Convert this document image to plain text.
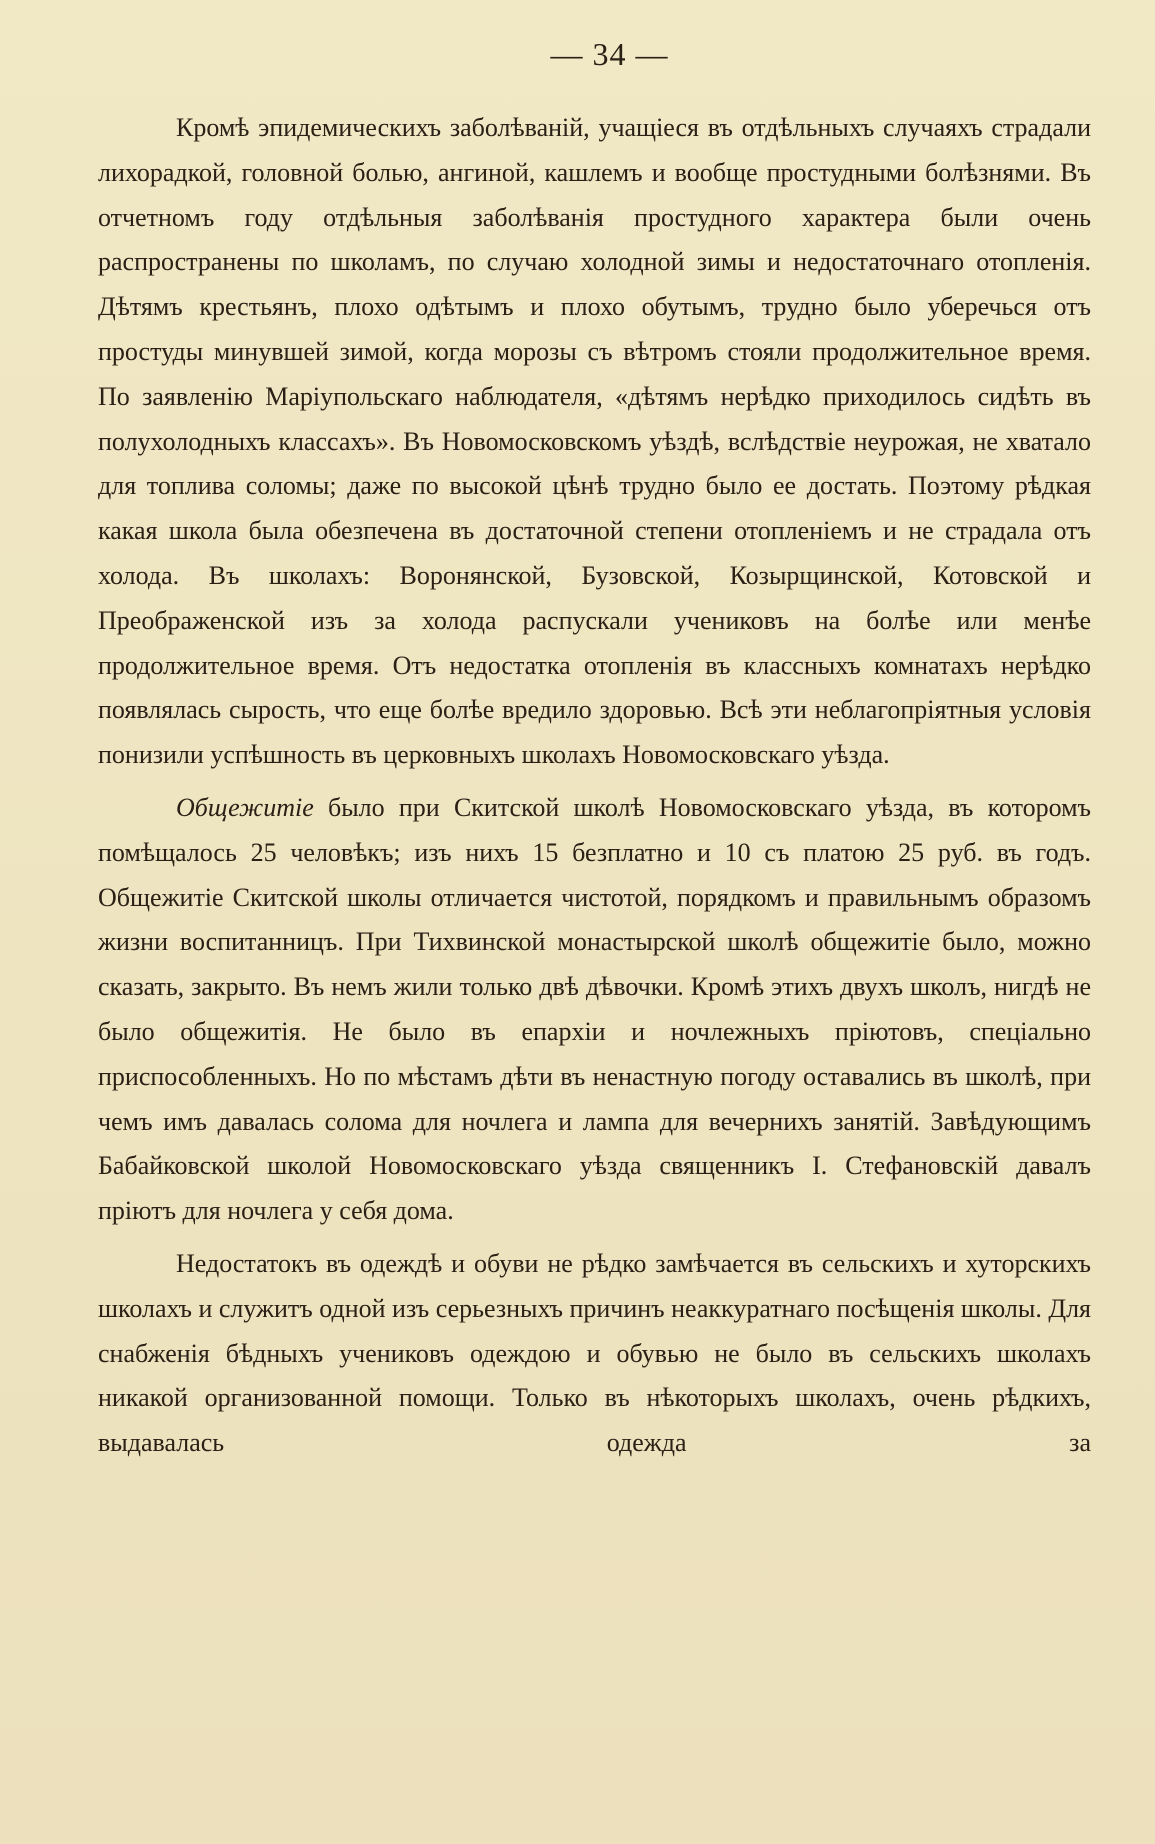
— 34 —

Кромѣ эпидемическихъ заболѣваній, учащіеся въ отдѣльныхъ случаяхъ страдали лихорадкой, головной болью, ангиной, кашлемъ и вообще простудными болѣзнями. Въ отчетномъ году отдѣльныя заболѣванія простудного характера были очень распространены по школамъ, по случаю холодной зимы и недостаточнаго отопленія. Дѣтямъ крестьянъ, плохо одѣтымъ и плохо обутымъ, трудно было уберечься отъ простуды минувшей зимой, когда морозы съ вѣтромъ стояли продолжительное время. По заявленію Маріупольскаго наблюдателя, «дѣтямъ нерѣдко приходилось сидѣть въ полухолодныхъ классахъ». Въ Новомосковскомъ уѣздѣ, вслѣдствіе неурожая, не хватало для топлива соломы; даже по высокой цѣнѣ трудно было ее достать. Поэтому рѣдкая какая школа была обезпечена въ достаточной степени отопленіемъ и не страдала отъ холода. Въ школахъ: Воронянской, Бузовской, Козырщинской, Котовской и Преображенской изъ за холода распускали учениковъ на болѣе или менѣе продолжительное время. Отъ недостатка отопленія въ классныхъ комнатахъ нерѣдко появлялась сырость, что еще болѣе вредило здоровью. Всѣ эти неблагопріятныя условія понизили успѣшность въ церковныхъ школахъ Новомосковскаго уѣзда.

Общежитіе было при Скитской школѣ Новомосковскаго уѣзда, въ которомъ помѣщалось 25 человѣкъ; изъ нихъ 15 безплатно и 10 съ платою 25 руб. въ годъ. Общежитіе Скитской школы отличается чистотой, порядкомъ и правильнымъ образомъ жизни воспитанницъ. При Тихвинской монастырской школѣ общежитіе было, можно сказать, закрыто. Въ немъ жили только двѣ дѣвочки. Кромѣ этихъ двухъ школъ, нигдѣ не было общежитія. Не было въ епархіи и ночлежныхъ пріютовъ, спеціально приспособленныхъ. Но по мѣстамъ дѣти въ ненастную погоду оставались въ школѣ, при чемъ имъ давалась солома для ночлега и лампа для вечернихъ занятій. Завѣдующимъ Бабайковской школой Новомосковскаго уѣзда священникъ І. Стефановскій давалъ пріютъ для ночлега у себя дома.

Недостатокъ въ одеждѣ и обуви не рѣдко замѣчается въ сельскихъ и хуторскихъ школахъ и служитъ одной изъ серьезныхъ причинъ неаккуратнаго посѣщенія школы. Для снабженія бѣдныхъ учениковъ одеждою и обувью не было въ сельскихъ школахъ никакой организованной помощи. Только въ нѣкоторыхъ школахъ, очень рѣдкихъ, выдавалась одежда за
